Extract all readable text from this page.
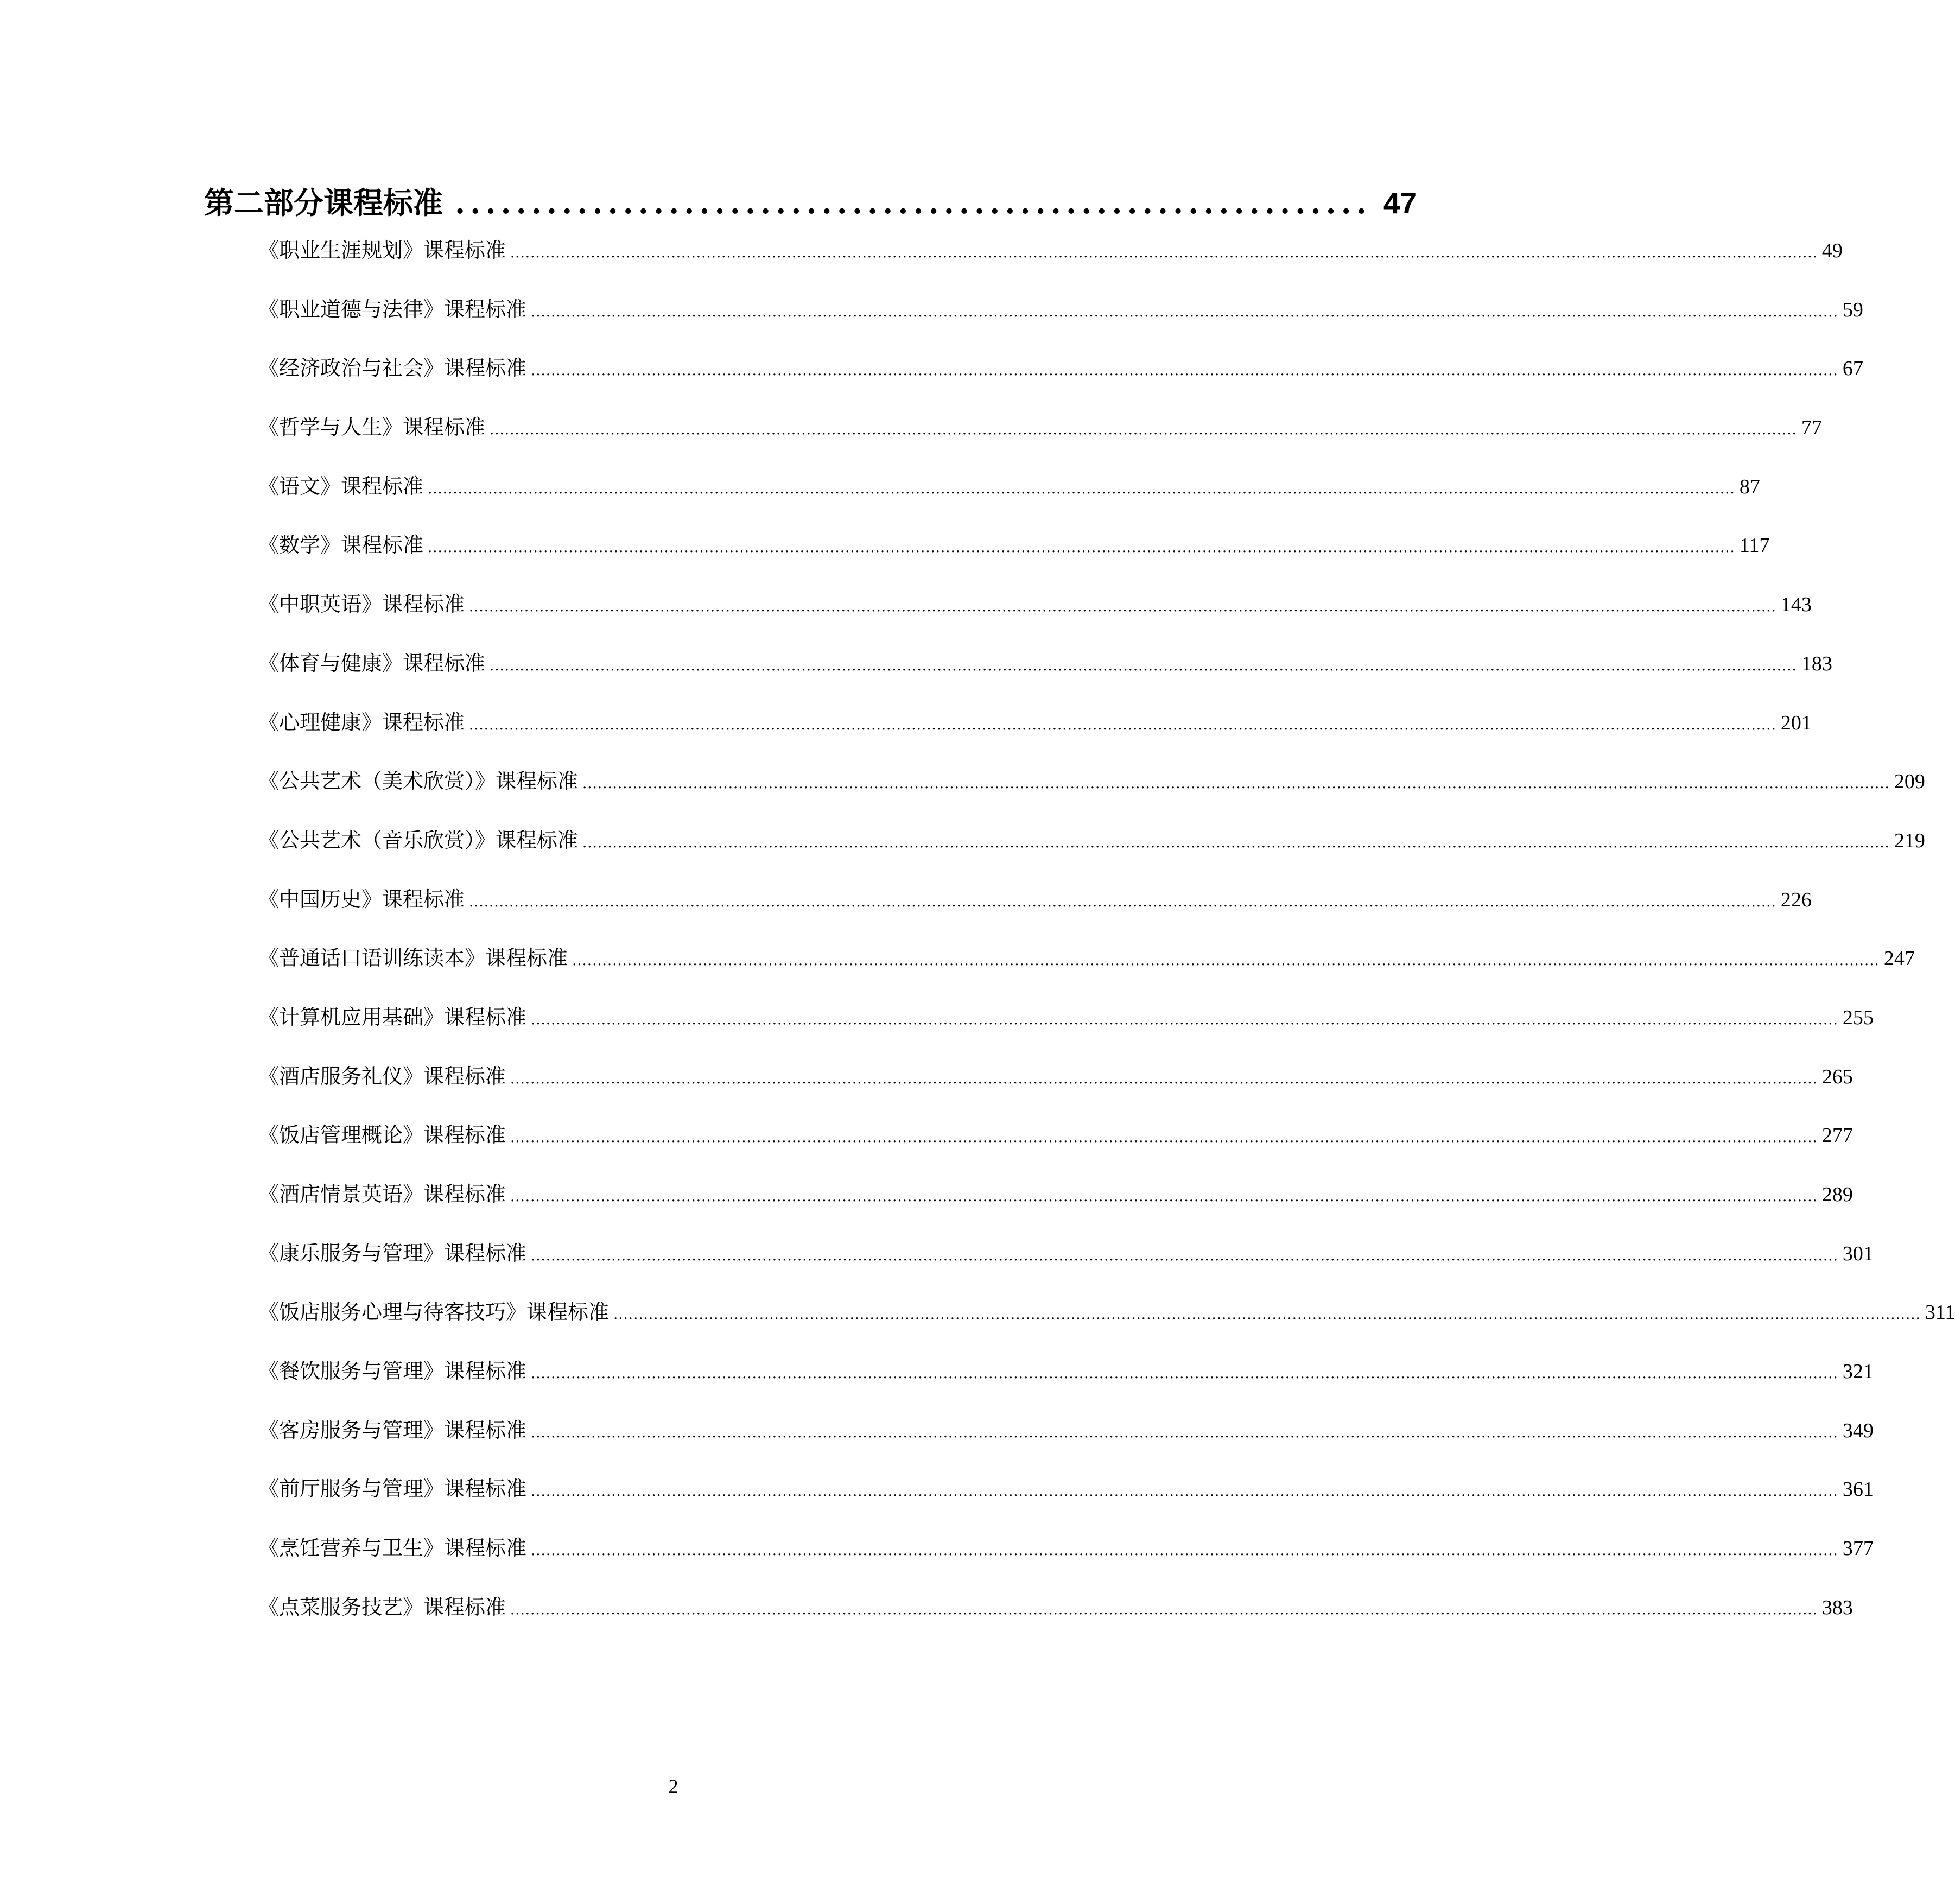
第二部分 课程标准 ............................................................ 47
《职业生涯规划》课程标准 .................................................................................................................................................................................................................................................................... 49
《职业道德与法律》课程标准 .................................................................................................................................................................................................................................................................... 59
《经济政治与社会》课程标准 .................................................................................................................................................................................................................................................................... 67
《哲学与人生》课程标准 .................................................................................................................................................................................................................................................................... 77
《语文》课程标准 .................................................................................................................................................................................................................................................................... 87
《数学》课程标准 .................................................................................................................................................................................................................................................................... 117
《中职英语》课程标准 .................................................................................................................................................................................................................................................................... 143
《体育与健康》课程标准 .................................................................................................................................................................................................................................................................... 183
《心理健康》课程标准 .................................................................................................................................................................................................................................................................... 201
《公共艺术（美术欣赏）》课程标准 .................................................................................................................................................................................................................................................................... 209
《公共艺术（音乐欣赏）》课程标准 .................................................................................................................................................................................................................................................................... 219
《中国历史》课程标准 .................................................................................................................................................................................................................................................................... 226
《普通话口语训练读本》课程标准 .................................................................................................................................................................................................................................................................... 247
《计算机应用基础》课程标准 .................................................................................................................................................................................................................................................................... 255
《酒店服务礼仪》课程标准 .................................................................................................................................................................................................................................................................... 265
《饭店管理概论》课程标准 .................................................................................................................................................................................................................................................................... 277
《酒店情景英语》课程标准 .................................................................................................................................................................................................................................................................... 289
《康乐服务与管理》课程标准 .................................................................................................................................................................................................................................................................... 301
《饭店服务心理与待客技巧》课程标准 .................................................................................................................................................................................................................................................................... 311
《餐饮服务与管理》课程标准 .................................................................................................................................................................................................................................................................... 321
《客房服务与管理》课程标准 .................................................................................................................................................................................................................................................................... 349
《前厅服务与管理》课程标准 .................................................................................................................................................................................................................................................................... 361
《烹饪营养与卫生》课程标准 .................................................................................................................................................................................................................................................................... 377
《点菜服务技艺》课程标准 .................................................................................................................................................................................................................................................................... 383
2
